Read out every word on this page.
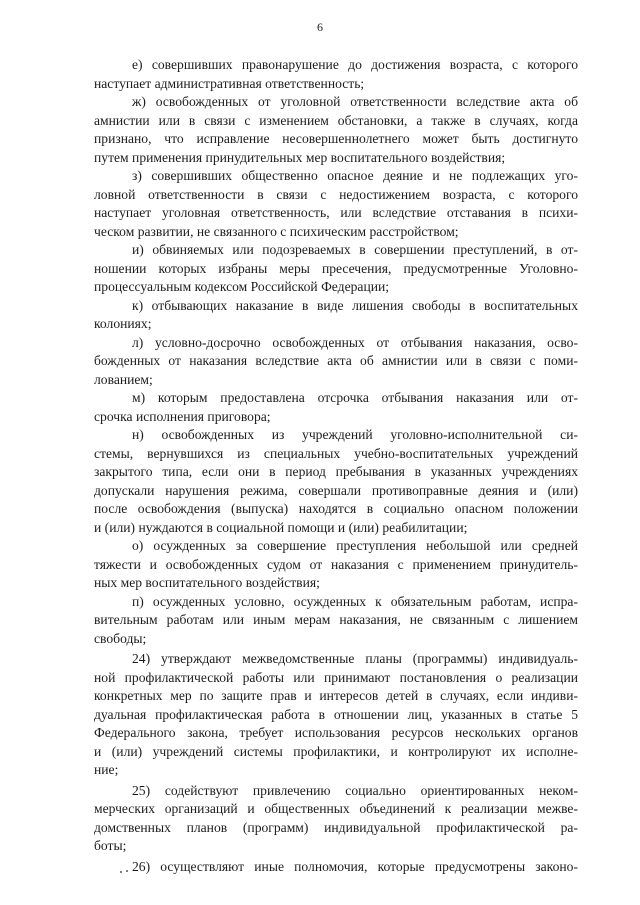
6
е) совершивших правонарушение до достижения возраста, с которого
наступает административная ответственность;
ж) освобожденных от уголовной ответственности вследствие акта об
амнистии или в связи с изменением обстановки, а также в случаях, когда
признано, что исправление несовершеннолетнего может быть достигнуто
путем применения принудительных мер воспитательного воздействия;
з) совершивших общественно опасное деяние и не подлежащих уго-
ловной ответственности в связи с недостижением возраста, с которого
наступает уголовная ответственность, или вследствие отставания в психи-
ческом развитии, не связанного с психическим расстройством;
и) обвиняемых или подозреваемых в совершении преступлений, в от-
ношении которых избраны меры пресечения, предусмотренные Уголовно-
процессуальным кодексом Российской Федерации;
к) отбывающих наказание в виде лишения свободы в воспитательных
колониях;
л) условно-досрочно освобожденных от отбывания наказания, осво-
божденных от наказания вследствие акта об амнистии или в связи с поми-
лованием;
м) которым предоставлена отсрочка отбывания наказания или от-
срочка исполнения приговора;
н) освобожденных из учреждений уголовно-исполнительной си-
стемы, вернувшихся из специальных учебно-воспитательных учреждений
закрытого типа, если они в период пребывания в указанных учреждениях
допускали нарушения режима, совершали противоправные деяния и (или)
после освобождения (выпуска) находятся в социально опасном положении
и (или) нуждаются в социальной помощи и (или) реабилитации;
о) осужденных за совершение преступления небольшой или средней
тяжести и освобожденных судом от наказания с применением принудитель-
ных мер воспитательного воздействия;
п) осужденных условно, осужденных к обязательным работам, испра-
вительным работам или иным мерам наказания, не связанным с лишением
свободы;
24) утверждают межведомственные планы (программы) индивидуаль-
ной профилактической работы или принимают постановления о реализации
конкретных мер по защите прав и интересов детей в случаях, если индиви-
дуальная профилактическая работа в отношении лиц, указанных в статье 5
Федерального закона, требует использования ресурсов нескольких органов
и (или) учреждений системы профилактики, и контролируют их исполне-
ние;
25) содействуют привлечению социально ориентированных неком-
мерческих организаций и общественных объединений к реализации межве-
домственных планов (программ) индивидуальной профилактической ра-
боты;
26) осуществляют иные полномочия, которые предусмотрены законо-
